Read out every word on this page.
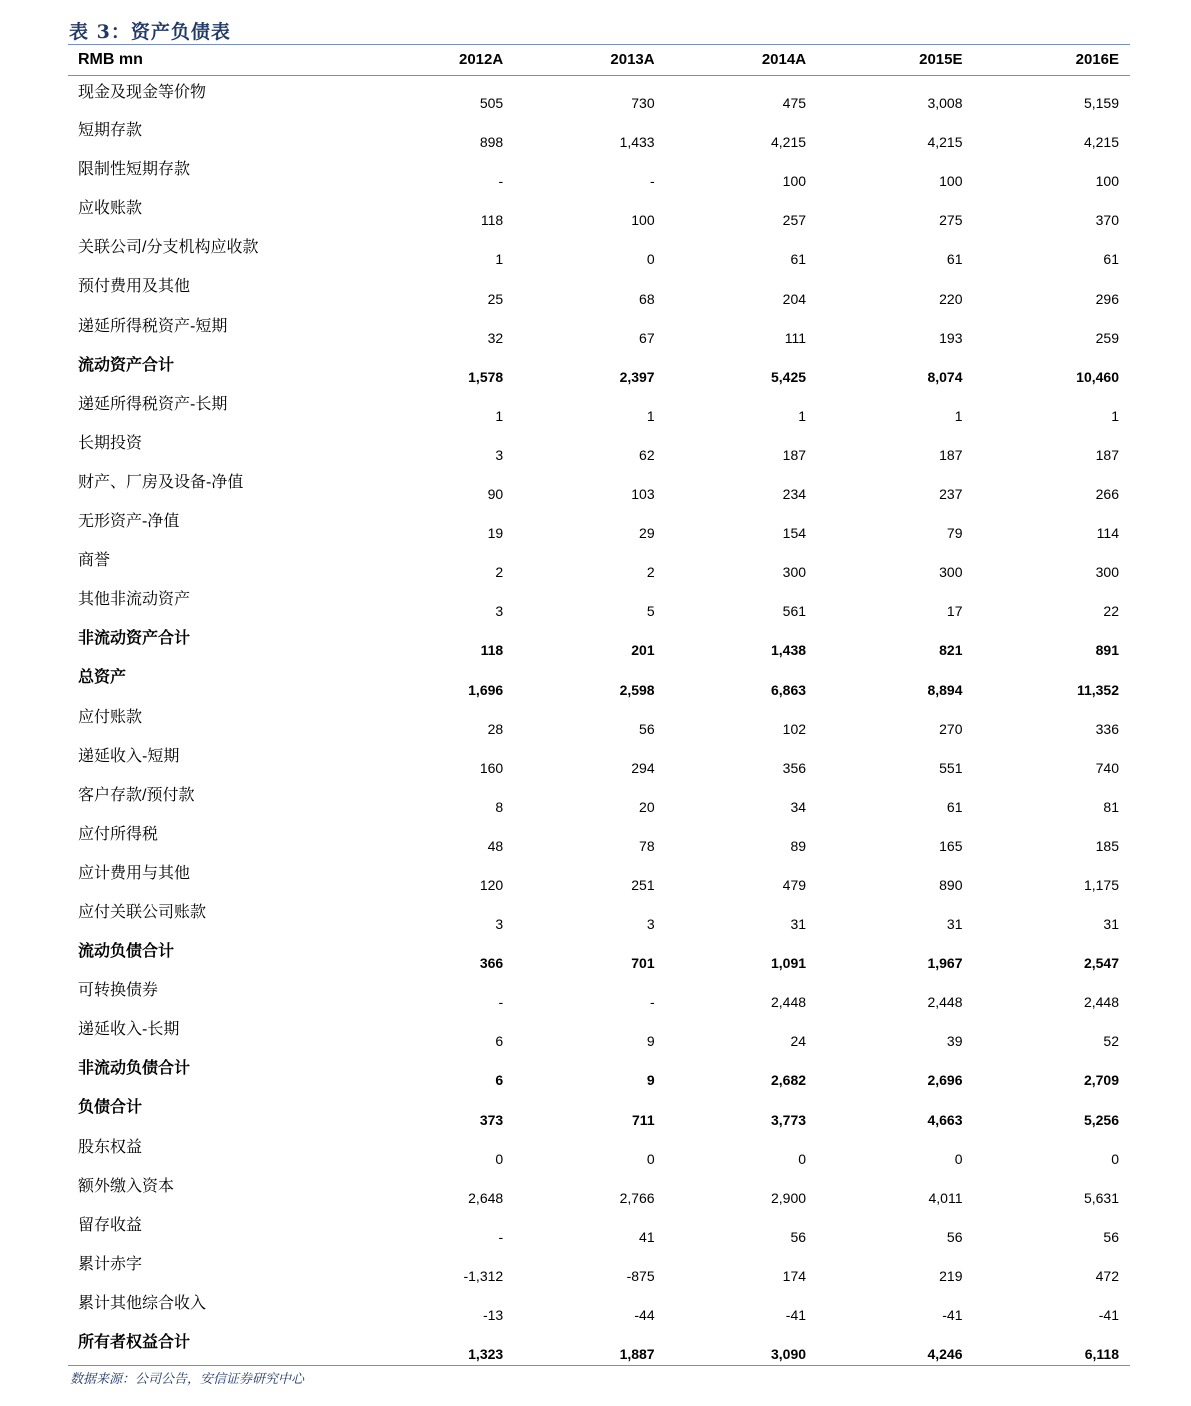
表 3：资产负债表
RMB mn	2012A	2013A	2014A	2015E	2016E
现金及现金等价物	505	730	475	3,008	5,159
短期存款	898	1,433	4,215	4,215	4,215
限制性短期存款	-	-	100	100	100
应收账款	118	100	257	275	370
关联公司/分支机构应收款	1	0	61	61	61
预付费用及其他	25	68	204	220	296
递延所得税资产-短期	32	67	111	193	259
流动资产合计	1,578	2,397	5,425	8,074	10,460
递延所得税资产-长期	1	1	1	1	1
长期投资	3	62	187	187	187
财产、厂房及设备-净值	90	103	234	237	266
无形资产-净值	19	29	154	79	114
商誉	2	2	300	300	300
其他非流动资产	3	5	561	17	22
非流动资产合计	118	201	1,438	821	891
总资产	1,696	2,598	6,863	8,894	11,352
应付账款	28	56	102	270	336
递延收入-短期	160	294	356	551	740
客户存款/预付款	8	20	34	61	81
应付所得税	48	78	89	165	185
应计费用与其他	120	251	479	890	1,175
应付关联公司账款	3	3	31	31	31
流动负债合计	366	701	1,091	1,967	2,547
可转换债券	-	-	2,448	2,448	2,448
递延收入-长期	6	9	24	39	52
非流动负债合计	6	9	2,682	2,696	2,709
负债合计	373	711	3,773	4,663	5,256
股东权益	0	0	0	0	0
额外缴入资本	2,648	2,766	2,900	4,011	5,631
留存收益	-	41	56	56	56
累计赤字	-1,312	-875	174	219	472
累计其他综合收入	-13	-44	-41	-41	-41
所有者权益合计	1,323	1,887	3,090	4,246	6,118
数据来源：公司公告，安信证券研究中心
